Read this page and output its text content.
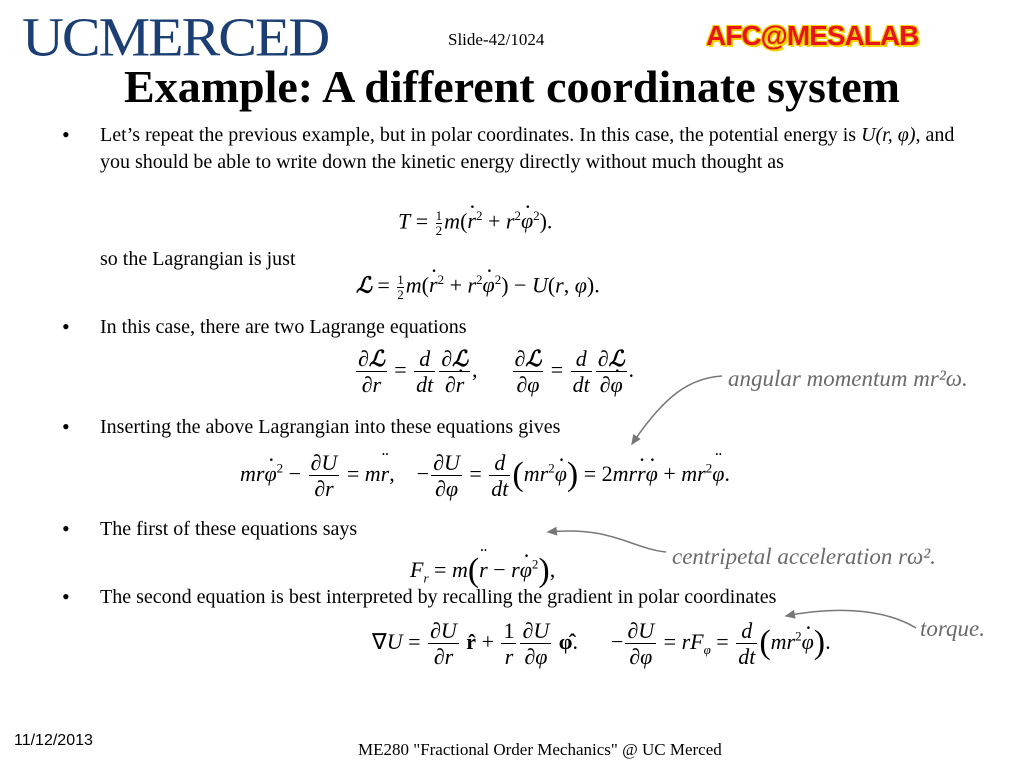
UCMERCED	Slide-42/1024	AFC@MESALAB
Example: A different coordinate system
• Let’s repeat the previous example, but in polar coordinates. In this case, the potential energy is U(r, φ), and you should be able to write down the kinetic energy directly without much thought as
$T = \frac{1}{2} m(r \cdot^2 + r^2\varphi \cdot^2)$.
so the Lagrangian is just
ℒ = $\frac{1}{2} m(r \cdot^2 + r^2\varphi \cdot^2) - U(r$, φ).
• In this case, there are two Lagrange equations
$\frac{\text{∂ℒ}}{\partial r} = \frac{d}{dt} \frac{\text{∂ℒ}}{\partial r}$ · , $\frac{\text{∂ℒ}}{\partial\varphi} = \frac{d}{dt} \frac{\text{∂ℒ}}{\partial\varphi}$ · .	angular momentum mr²ω.
• Inserting the above Lagrangian into these equations gives
$mr\varphi \cdot^2 - \frac{\partial U}{\partial r}$ = mr ¨,    − $\frac{\partial U}{\partial\varphi} = \frac{d}{dt} (mr^2\varphi$ ·) = 2mrr ·φ · + $mr^2\varphi$ ¨.
• The first of these equations says
$F_r = m(r$ ¨ − rφ ·$^2$),
centripetal acceleration rω².
• The second equation is best interpreted by recalling the gradient in polar coordinates
$\nabla U = \frac{\partial U}{\partial r}$ r̂ + $\frac{1}{r} \frac{\partial U}{\partial\varphi}$ φ̂.      − $\frac{\partial U}{\partial\varphi} = rF_\varphi = \frac{d}{dt} (mr^2\varphi$ ·).
torque.
11/12/2013	ME280 "Fractional Order Mechanics" @ UC Merced
